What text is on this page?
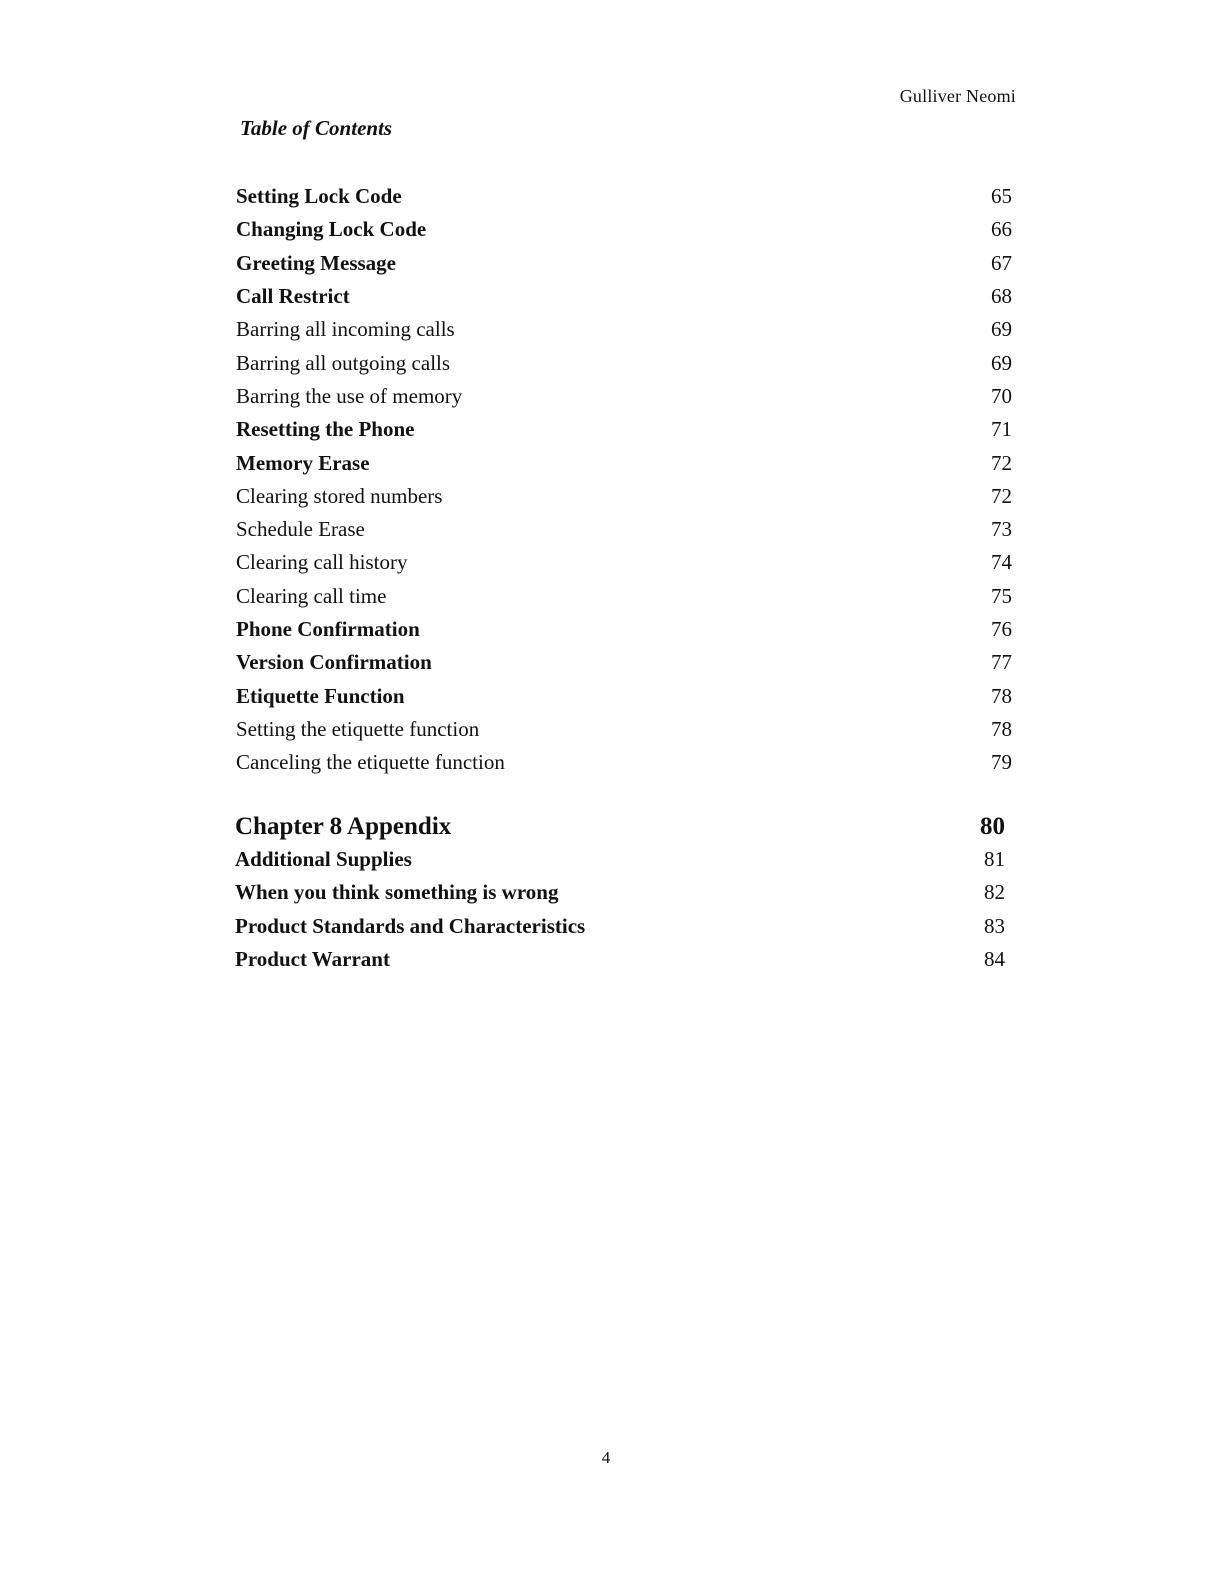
Gulliver Neomi
Table of Contents
Setting Lock Code	65
Changing Lock Code	66
Greeting Message	67
Call Restrict	68
Barring all incoming calls	69
Barring all outgoing calls	69
Barring the use of memory	70
Resetting the Phone	71
Memory Erase	72
Clearing stored numbers	72
Schedule Erase	73
Clearing call history	74
Clearing call time	75
Phone Confirmation	76
Version Confirmation	77
Etiquette Function	78
Setting the etiquette function	78
Canceling the etiquette function	79
Chapter 8 Appendix	80
Additional Supplies	81
When you think something is wrong	82
Product Standards and Characteristics	83
Product Warrant	84
4
